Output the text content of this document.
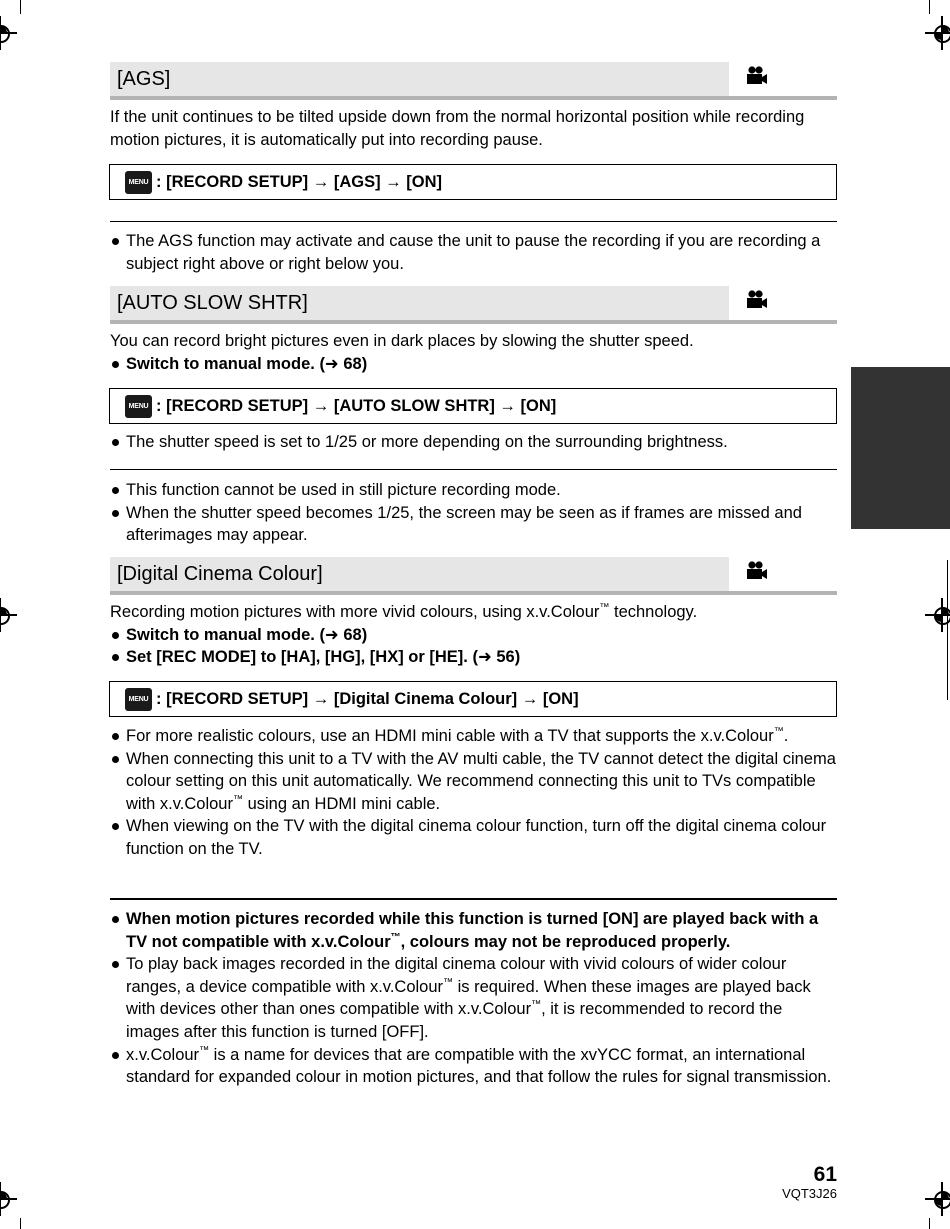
[AGS]

If the unit continues to be tilted upside down from the normal horizontal position while recording motion pictures, it is automatically put into recording pause.

MENU : [RECORD SETUP] → [AGS] → [ON]

The AGS function may activate and cause the unit to pause the recording if you are recording a subject right above or right below you.

[AUTO SLOW SHTR]

You can record bright pictures even in dark places by slowing the shutter speed.

Switch to manual mode. (➜ 68)

MENU : [RECORD SETUP] → [AUTO SLOW SHTR] → [ON]

The shutter speed is set to 1/25 or more depending on the surrounding brightness.

This function cannot be used in still picture recording mode.

When the shutter speed becomes 1/25, the screen may be seen as if frames are missed and afterimages may appear.

[Digital Cinema Colour]

Recording motion pictures with more vivid colours, using x.v.Colour™ technology.

Switch to manual mode. (➜ 68)

Set [REC MODE] to [HA], [HG], [HX] or [HE]. (➜ 56)

MENU : [RECORD SETUP] → [Digital Cinema Colour] → [ON]

For more realistic colours, use an HDMI mini cable with a TV that supports the x.v.Colour™.

When connecting this unit to a TV with the AV multi cable, the TV cannot detect the digital cinema colour setting on this unit automatically. We recommend connecting this unit to TVs compatible with x.v.Colour™ using an HDMI mini cable.

When viewing on the TV with the digital cinema colour function, turn off the digital cinema colour function on the TV.

When motion pictures recorded while this function is turned [ON] are played back with a TV not compatible with x.v.Colour™, colours may not be reproduced properly.

To play back images recorded in the digital cinema colour with vivid colours of wider colour ranges, a device compatible with x.v.Colour™ is required. When these images are played back with devices other than ones compatible with x.v.Colour™, it is recommended to record the images after this function is turned [OFF].

x.v.Colour™ is a name for devices that are compatible with the xvYCC format, an international standard for expanded colour in motion pictures, and that follow the rules for signal transmission.

61
VQT3J26
